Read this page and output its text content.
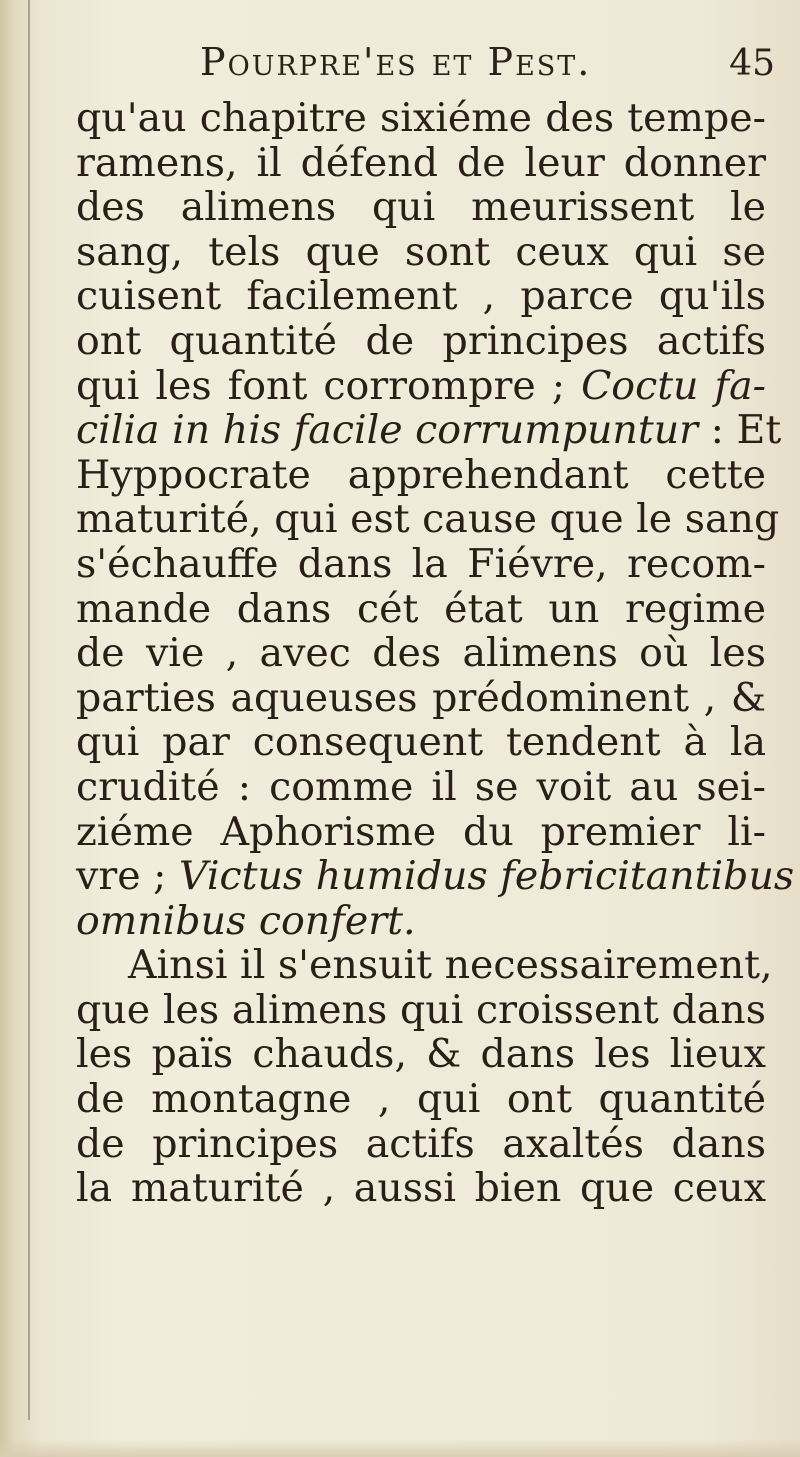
Pourpre'es et Pest.	45
qu'au chapitre sixiéme des tempe-
ramens, il défend de leur donner
des alimens qui meurissent le
sang, tels que sont ceux qui se
cuisent facilement , parce qu'ils
ont quantité de principes actifs
qui les font corrompre ; Coctu fa-
cilia in his facile corrumpuntur : Et
Hyppocrate apprehendant cette
maturité, qui est cause que le sang
s'échauffe dans la Fiévre, recom-
mande dans cét état un regime
de vie , avec des alimens où les
parties aqueuses prédominent , &
qui par consequent tendent à la
crudité : comme il se voit au sei-
ziéme Aphorisme du premier li-
vre ; Victus humidus febricitantibus
omnibus confert.
Ainsi il s'ensuit necessairement,
que les alimens qui croissent dans
les païs chauds, & dans les lieux
de montagne , qui ont quantité
de principes actifs axaltés dans
la maturité , aussi bien que ceux
